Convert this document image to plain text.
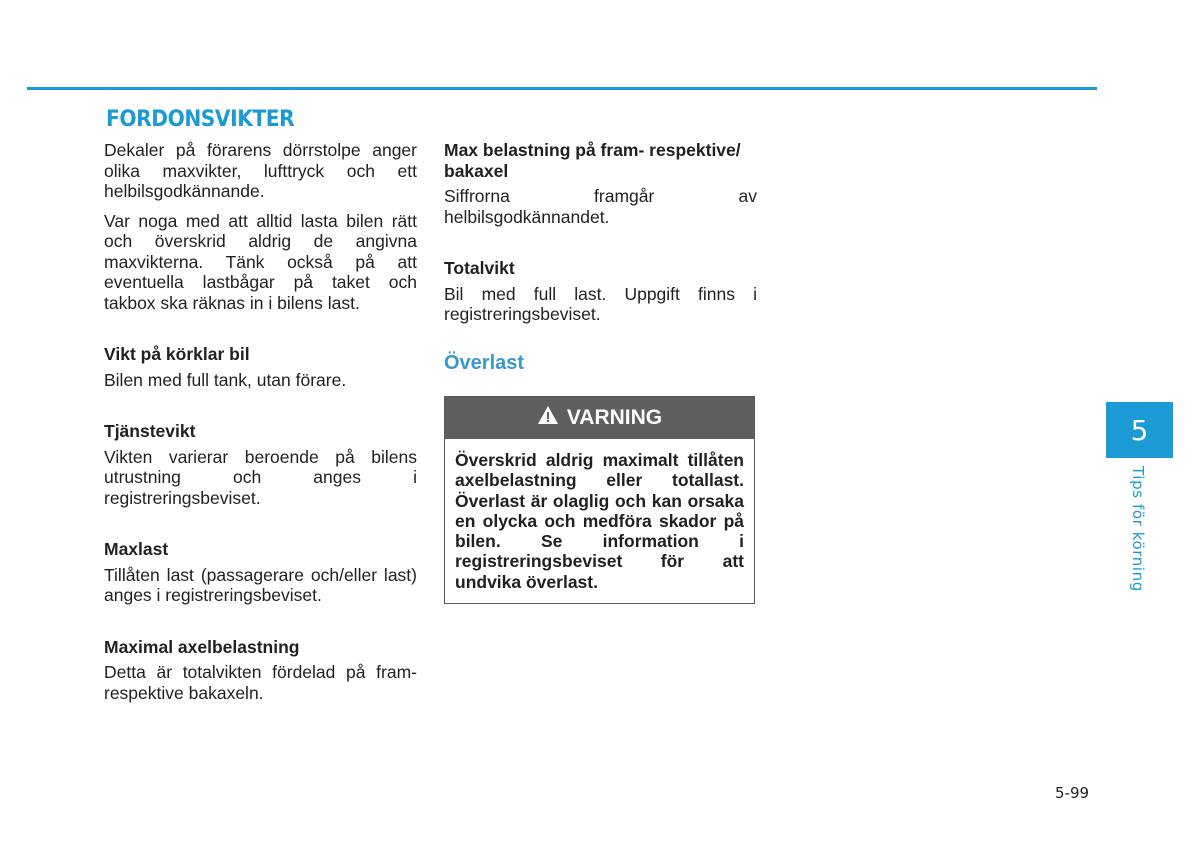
FORDONSVIKTER

Dekaler på förarens dörrstolpe anger olika maxvikter, lufttryck och ett helbilsgodkännande.

Var noga med att alltid lasta bilen rätt och överskrid aldrig de angivna maxvikterna. Tänk också på att eventuella lastbågar på taket och takbox ska räknas in i bilens last.

Vikt på körklar bil

Bilen med full tank, utan förare.

Tjänstevikt

Vikten varierar beroende på bilens utrustning och anges i registreringsbeviset.

Maxlast

Tillåten last (passagerare och/eller last) anges i registreringsbeviset.

Maximal axelbelastning

Detta är totalvikten fördelad på fram- respektive bakaxeln.

Max belastning på fram- respektive/ bakaxel

Siffrorna framgår av helbilsgodkännandet.

Totalvikt

Bil med full last. Uppgift finns i registreringsbeviset.

Överlast
VARNING
Överskrid aldrig maximalt tillåten axelbelastning eller totallast. Överlast är olaglig och kan orsaka en olycka och medföra skador på bilen. Se information i registreringsbeviset för att undvika överlast.
5
Tips för körning
5-99
